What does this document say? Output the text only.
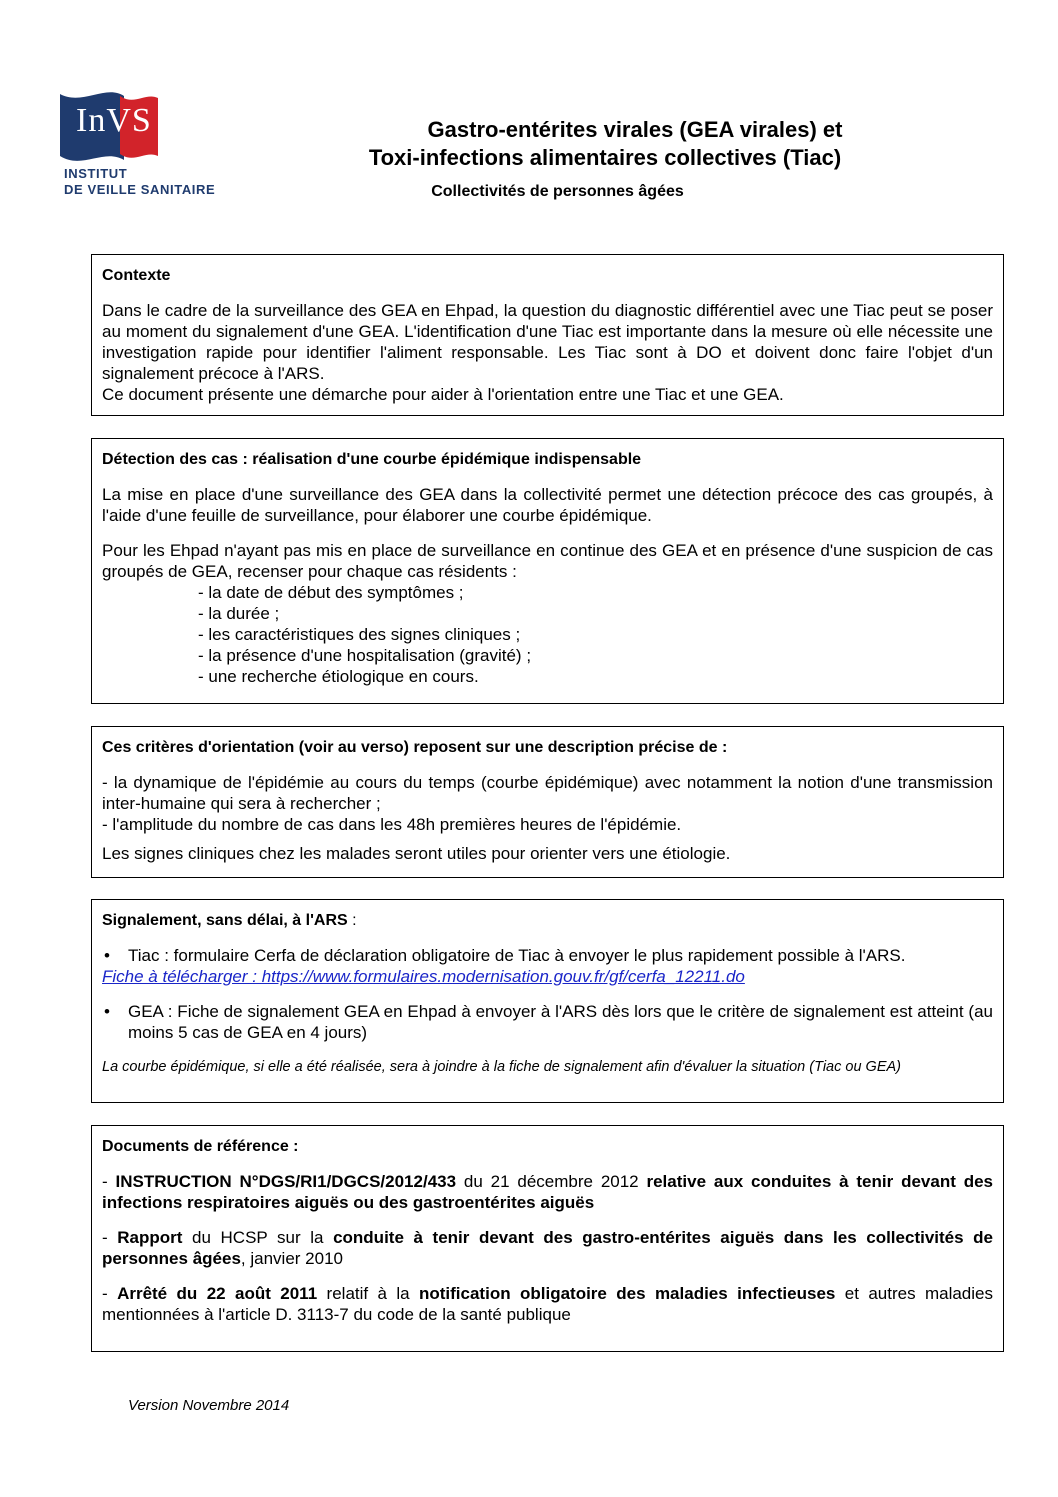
InVS
INSTITUT
DE VEILLE SANITAIRE
Gastro-entérites virales (GEA virales) et
Toxi-infections alimentaires collectives (Tiac)
Collectivités de personnes âgées
Contexte

Dans le cadre de la surveillance des GEA en Ehpad, la question du diagnostic différentiel avec une Tiac peut se poser au moment du signalement d'une GEA. L'identification d'une Tiac est importante dans la mesure où elle nécessite une investigation rapide pour identifier l'aliment responsable. Les Tiac sont à DO et doivent donc faire l'objet d'un signalement précoce à l'ARS.

Ce document présente une démarche pour aider à l'orientation entre une Tiac et une GEA.

Détection des cas : réalisation d'une courbe épidémique indispensable

La mise en place d'une surveillance des GEA dans la collectivité permet une détection précoce des cas groupés, à l'aide d'une feuille de surveillance, pour élaborer une courbe épidémique.

Pour les Ehpad n'ayant pas mis en place de surveillance en continue des GEA et en présence d'une suspicion de cas groupés de GEA, recenser pour chaque cas résidents :

- la date de début des symptômes ;
- la durée ;
- les caractéristiques des signes cliniques ;
- la présence d'une hospitalisation (gravité) ;
- une recherche étiologique en cours.
Ces critères d'orientation (voir au verso) reposent sur une description précise de :

- la dynamique de l'épidémie au cours du temps (courbe épidémique) avec notamment la notion d'une transmission inter-humaine qui sera à rechercher ;

- l'amplitude du nombre de cas dans les 48h premières heures de l'épidémie.

Les signes cliniques chez les malades seront utiles pour orienter vers une étiologie.

Signalement, sans délai, à l'ARS :
•	Tiac : formulaire Cerfa de déclaration obligatoire de Tiac à envoyer le plus rapidement possible à l'ARS.
Fiche à télécharger : https://www.formulaires.modernisation.gouv.fr/gf/cerfa_12211.do
•	GEA : Fiche de signalement GEA en Ehpad à envoyer à l'ARS dès lors que le critère de signalement est atteint (au moins 5 cas de GEA en 4 jours)
La courbe épidémique, si elle a été réalisée, sera à joindre à la fiche de signalement afin d'évaluer la situation (Tiac ou GEA)
Documents de référence :

- INSTRUCTION N°DGS/RI1/DGCS/2012/433 du 21 décembre 2012 relative aux conduites à tenir devant des infections respiratoires aiguës ou des gastroentérites aiguës

- Rapport du HCSP sur la conduite à tenir devant des gastro-entérites aiguës dans les collectivités de personnes âgées, janvier 2010

- Arrêté du 22 août 2011 relatif à la notification obligatoire des maladies infectieuses et autres maladies mentionnées à l'article D. 3113-7 du code de la santé publique

Version Novembre 2014
